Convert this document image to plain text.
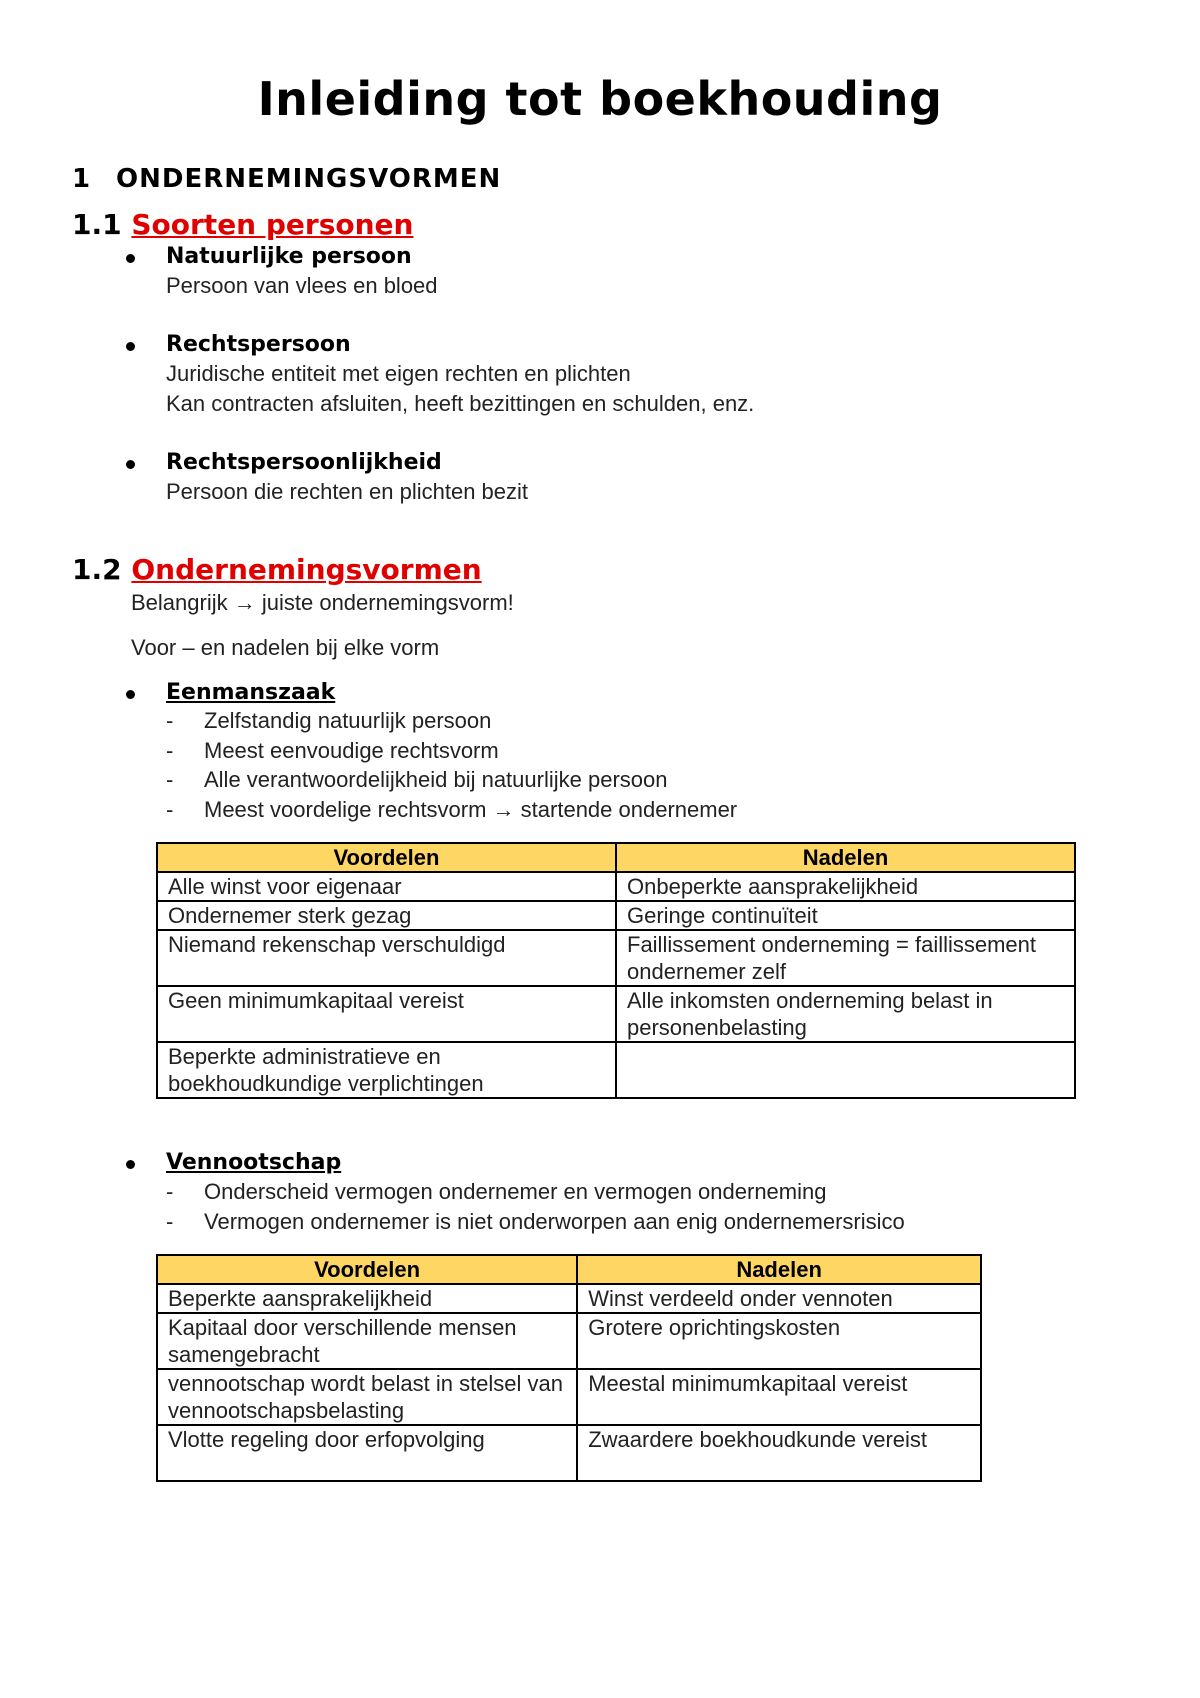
Inleiding tot boekhouding
1 ONDERNEMINGSVORMEN
1.1 Soorten personen
Natuurlijke persoon
Persoon van vlees en bloed
Rechtspersoon
Juridische entiteit met eigen rechten en plichten
Kan contracten afsluiten, heeft bezittingen en schulden, enz.
Rechtspersoonlijkheid
Persoon die rechten en plichten bezit
1.2 Ondernemingsvormen
Belangrijk → juiste ondernemingsvorm!
Voor – en nadelen bij elke vorm
Eenmanszaak
- Zelfstandig natuurlijk persoon
- Meest eenvoudige rechtsvorm
- Alle verantwoordelijkheid bij natuurlijke persoon
- Meest voordelige rechtsvorm → startende ondernemer
Voordelen	Nadelen
Alle winst voor eigenaar	Onbeperkte aansprakelijkheid
Ondernemer sterk gezag	Geringe continuïteit
Niemand rekenschap verschuldigd	Faillissement onderneming = faillissement ondernemer zelf
Geen minimumkapitaal vereist	Alle inkomsten onderneming belast in personenbelasting
Beperkte administratieve en boekhoudkundige verplichtingen	
Vennootschap
- Onderscheid vermogen ondernemer en vermogen onderneming
- Vermogen ondernemer is niet onderworpen aan enig ondernemersrisico
Voordelen	Nadelen
Beperkte aansprakelijkheid	Winst verdeeld onder vennoten
Kapitaal door verschillende mensen samengebracht	Grotere oprichtingskosten
vennootschap wordt belast in stelsel van vennootschapsbelasting	Meestal minimumkapitaal vereist
Vlotte regeling door erfopvolging	Zwaardere boekhoudkunde vereist
